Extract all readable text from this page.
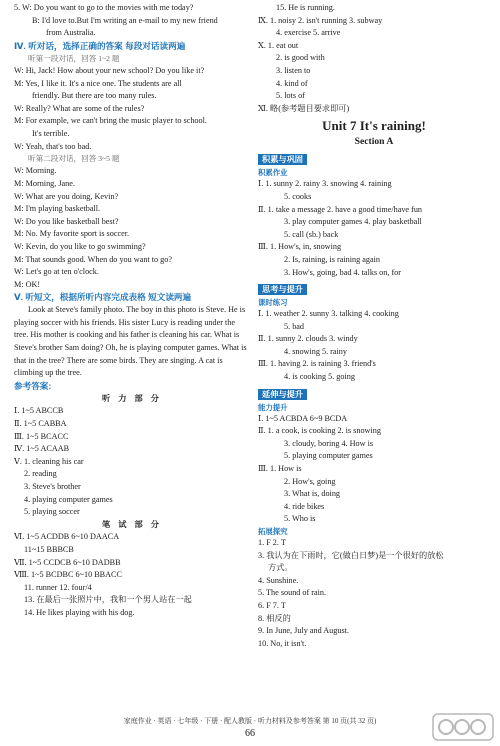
5. W: Do you want to go to the movies with me today?
B: I'd love to.But I'm writing an e-mail to my new friend
from Australia.
Ⅳ. 听对话，选择正确的答案 每段对话读两遍
听第一段对话，回答 1~2 题
W: Hi, Jack! How about your new school? Do you like it?
M: Yes, I like it. It's a nice one. The students are all
friendly. But there are too many rules.
W: Really? What are some of the rules?
M: For example, we can't bring the music player to school.
It's terrible.
W: Yeah, that's too bad.
听第二段对话，回答 3~5 题
W: Morning.
M: Morning, Jane.
W: What are you doing, Kevin?
M: I'm playing basketball.
W: Do you like basketball best?
M: No. My favorite sport is soccer.
W: Kevin, do you like to go swimming?
M: That sounds good. When do you want to go?
W: Let's go at ten o'clock.
M: OK!
Ⅴ. 听短文，根据所听内容完成表格 短文读两遍
Look at Steve's family photo. The boy in this photo is Steve. He is playing soccer with his friends. His sister Lucy is reading under the tree. His mother is cooking and his father is cleaning his car. What is Steve's brother Sam doing? Oh, he is playing computer games. What is that in the tree? There are some birds. They are singing. A cat is climbing up the tree.
参考答案:
听 力 部 分
Ⅰ. 1~5 ABCCB
Ⅱ. 1~5 CABBA
Ⅲ. 1~5 BCACC
Ⅳ. 1~5 ACAAB
Ⅴ. 1. cleaning his car
2. reading
3. Steve's brother
4. playing computer games
5. playing soccer
笔 试 部 分
Ⅵ. 1~5 ACDDB 6~10 DAACA
11~15 BBBCB
Ⅶ. 1~5 CCDCB 6~10 DADBB
Ⅷ. 1~5 BCDBC 6~10 BBACC
11. runner 12. four/4
13. 在最后一张照片中，我和一个男人站在一起
14. He likes playing with his dog.
15. He is running.
Ⅸ. 1. noisy 2. isn't running 3. subway
4. exercise 5. arrive
Ⅹ. 1. eat out
2. is good with
3. listen to
4. kind of
5. lots of
Ⅺ. 略(参考题目要求即可)
Unit 7 It's raining!
Section A
积累与巩固

积累作业
Ⅰ. 1. sunny 2. rainy 3. snowing 4. raining
5. cooks
Ⅱ. 1. take a message 2. have a good time/have fun
3. play computer games 4. play basketball
5. call (sb.) back
Ⅲ. 1. How's, in, snowing
2. Is, raining, is raining again
3. How's, going, bad 4. talks on, for
思考与提升

课时练习
Ⅰ. 1. weather 2. sunny 3. talking 4. cooking
5. bad
Ⅱ. 1. sunny 2. clouds 3. windy
4. snowing 5. rainy
Ⅲ. 1. having 2. is raining 3. friend's
4. is cooking 5. going
延伸与提升

能力提升
Ⅰ. 1~5 ACBDA 6~9 BCDA
Ⅱ. 1. a cook, is cooking 2. is snowing
3. cloudy, boring 4. How is
5. playing computer games
Ⅲ. 1. How is
2. How's, going
3. What is, doing
4. ride bikes
5. Who is
拓展探究
1. F 2. T
3. 我认为在下雨时，它(做白日梦)是一个很好的放松
方式。
4. Sunshine.
5. The sound of rain.
6. F 7. T
8. 相反的
9. In June, July and August.
10. No, it isn't.
家庭作业 · 英语 · 七年级 · 下册 · 配人教版 · 听力材料及参考答案 第 10 页(共 32 页)
66
